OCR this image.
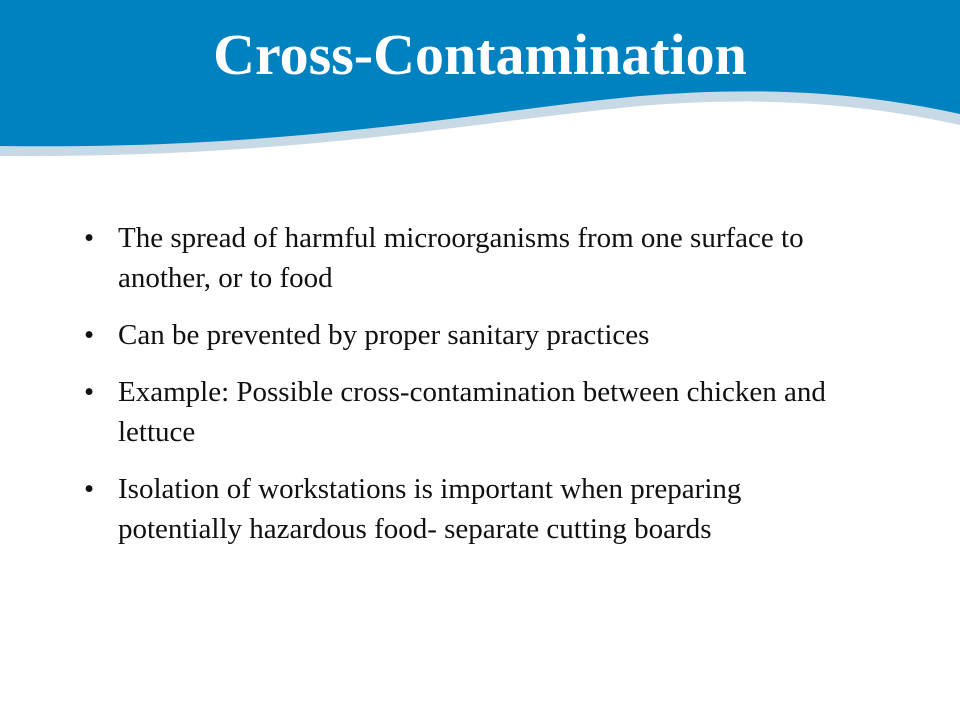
Cross-Contamination
• The spread of harmful microorganisms from one surface to another, or to food
• Can be prevented by proper sanitary practices
• Example: Possible cross-contamination between chicken and lettuce
• Isolation of workstations is important when preparing potentially hazardous food- separate cutting boards
